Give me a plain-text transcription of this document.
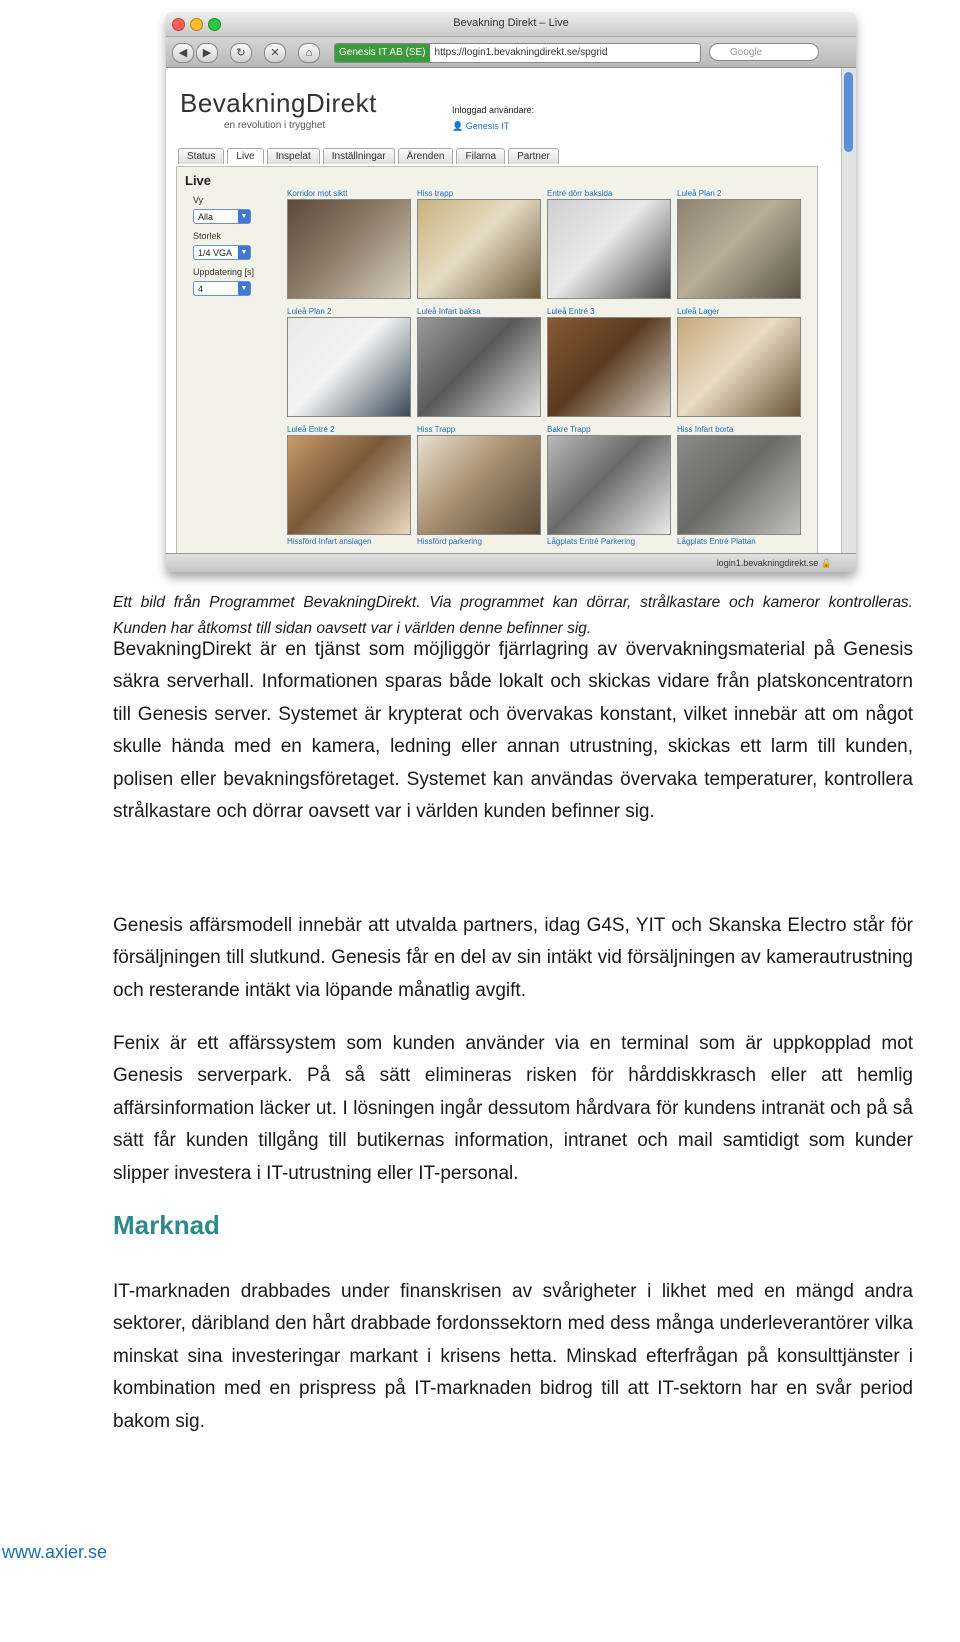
Bevakning Direkt – Live
◀	▶	↻	✕	⌂	Genesis IT AB (SE) https://login1.bevakningdirekt.se/spgrid	Google
BevakningDirekt
en revolution i trygghet
Inloggad användare:
👤 Genesis IT
Status	Live	Inspelat	Inställningar	Ärenden	Filarna	Partner
Live
Vy
Alla	▼
Storlek
1/4 VGA	▼
Uppdatering [s]
4	▼
Korridor mot siktt	Hiss trapp	Entré dörr baksida	Luleå Plan 2
Luleå Plan 2	Luleå Infart baksa	Luleå Entré 3	Luleå Lager
Luleå Entré 2	Hiss Trapp	Bakre Trapp	Hiss Infart borta
Hissförd Infart anslagen	Hissförd parkering	Lågplats Entré Parkering	Lågplats Entré Plattan
login1.bevakningdirekt.se 🔒
Ett bild från Programmet BevakningDirekt. Via programmet kan dörrar, strålkastare och kameror kontrolleras. Kunden har åtkomst till sidan oavsett var i världen denne befinner sig.
BevakningDirekt är en tjänst som möjliggör fjärrlagring av övervakningsmaterial på Genesis säkra serverhall. Informationen sparas både lokalt och skickas vidare från platskoncentratorn till Genesis server. Systemet är krypterat och övervakas konstant, vilket innebär att om något skulle hända med en kamera, ledning eller annan utrustning, skickas ett larm till kunden, polisen eller bevakningsföretaget. Systemet kan användas övervaka temperaturer, kontrollera strålkastare och dörrar oavsett var i världen kunden befinner sig.
Genesis affärsmodell innebär att utvalda partners, idag G4S, YIT och Skanska Electro står för försäljningen till slutkund. Genesis får en del av sin intäkt vid försäljningen av kamerautrustning och resterande intäkt via löpande månatlig avgift.
Fenix är ett affärssystem som kunden använder via en terminal som är uppkopplad mot Genesis serverpark. På så sätt elimineras risken för hårddiskkrasch eller att hemlig affärsinformation läcker ut. I lösningen ingår dessutom hårdvara för kundens intranät och på så sätt får kunden tillgång till butikernas information, intranet och mail samtidigt som kunder slipper investera i IT-utrustning eller IT-personal.
Marknad
IT-marknaden drabbades under finanskrisen av svårigheter i likhet med en mängd andra sektorer, däribland den hårt drabbade fordonssektorn med dess många underleverantörer vilka minskat sina investeringar markant i krisens hetta. Minskad efterfrågan på konsulttjänster i kombination med en prispress på IT-marknaden bidrog till att IT-sektorn har en svår period bakom sig.
www.axier.se
